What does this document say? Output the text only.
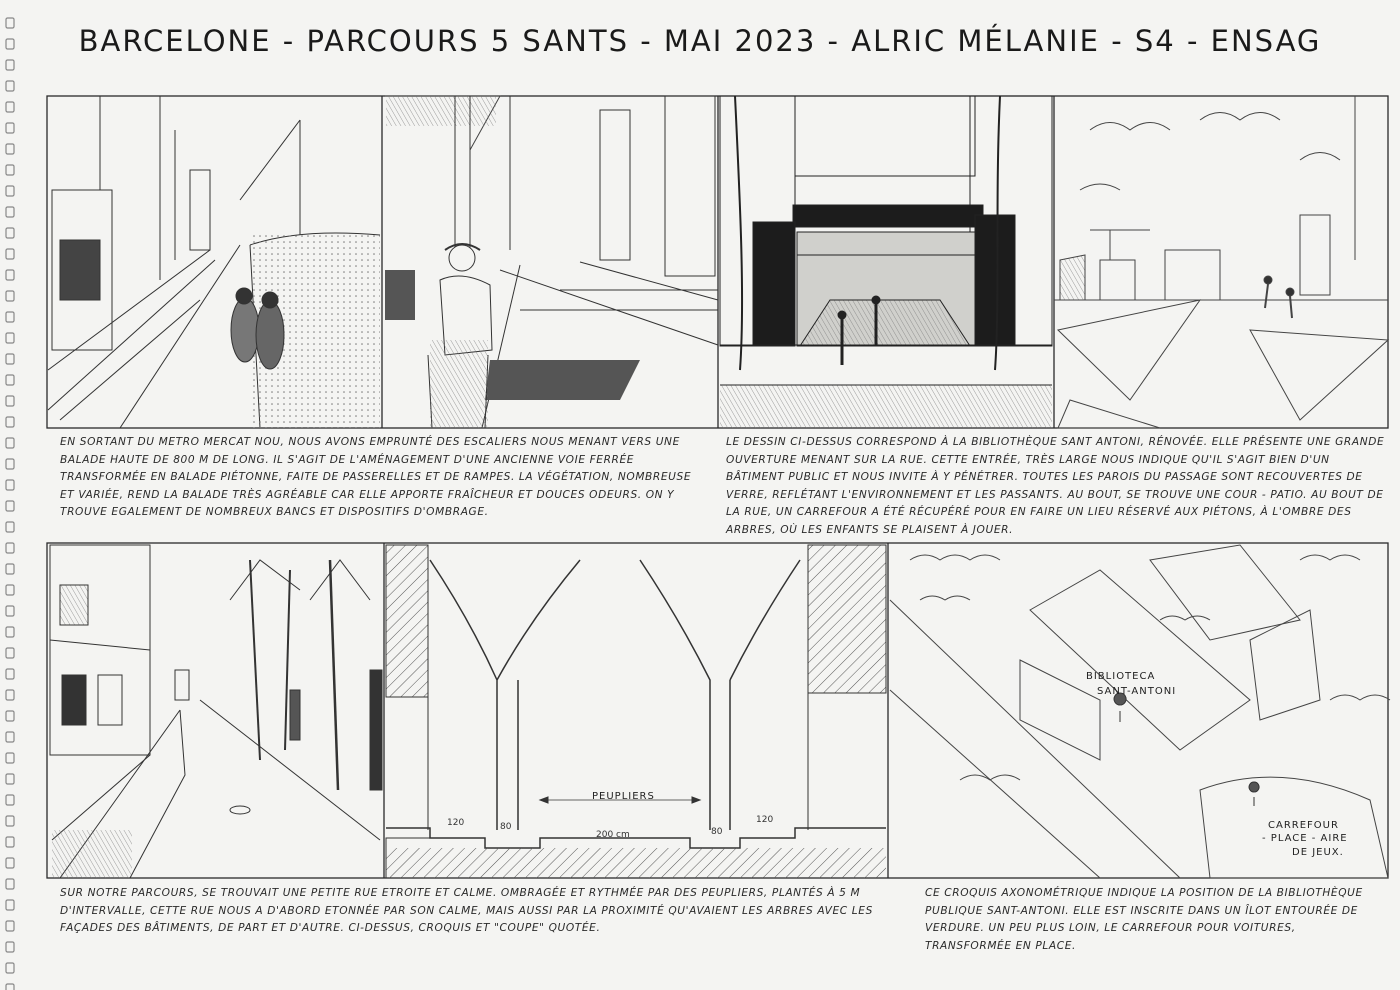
BARCELONE - PARCOURS 5 SANTS - MAI 2023 - ALRIC MÉLANIE - S4 - ENSAG
EN SORTANT DU METRO MERCAT NOU, NOUS AVONS EMPRUNTÉ DES ESCALIERS NOUS MENANT VERS UNE BALADE HAUTE DE 800 M DE LONG. IL S'AGIT DE L'AMÉNAGEMENT D'UNE ANCIENNE VOIE FERRÉE TRANSFORMÉE EN BALADE PIÉTONNE, FAITE DE PASSERELLES ET DE RAMPES. LA VÉGÉTATION, NOMBREUSE ET VARIÉE, REND LA BALADE TRÈS AGRÉABLE CAR ELLE APPORTE FRAÎCHEUR ET DOUCES ODEURS. ON Y TROUVE EGALEMENT DE NOMBREUX BANCS ET DISPOSITIFS D'OMBRAGE.
LE DESSIN CI-DESSUS CORRESPOND À LA BIBLIOTHÈQUE SANT ANTONI, RÉNOVÉE. ELLE PRÉSENTE UNE GRANDE OUVERTURE MENANT SUR LA RUE. CETTE ENTRÉE, TRÈS LARGE NOUS INDIQUE QU'IL S'AGIT BIEN D'UN BÂTIMENT PUBLIC ET NOUS INVITE À Y PÉNÉTRER. TOUTES LES PAROIS DU PASSAGE SONT RECOUVERTES DE VERRE, REFLÉTANT L'ENVIRONNEMENT ET LES PASSANTS. AU BOUT, SE TROUVE UNE COUR - PATIO. AU BOUT DE LA RUE, UN CARREFOUR A ÉTÉ RÉCUPÉRÉ POUR EN FAIRE UN LIEU RÉSERVÉ AUX PIÉTONS, À L'OMBRE DES ARBRES, OÙ LES ENFANTS SE PLAISENT À JOUER.
SUR NOTRE PARCOURS, SE TROUVAIT UNE PETITE RUE ETROITE ET CALME. OMBRAGÉE ET RYTHMÉE PAR DES PEUPLIERS, PLANTÉS À 5 M D'INTERVALLE, CETTE RUE NOUS A D'ABORD ETONNÉE PAR SON CALME, MAIS AUSSI PAR LA PROXIMITÉ QU'AVAIENT LES ARBRES AVEC LES FAÇADES DES BÂTIMENTS, DE PART ET D'AUTRE. CI-DESSUS, CROQUIS ET "COUPE" QUOTÉE.
CE CROQUIS AXONOMÉTRIQUE INDIQUE LA POSITION DE LA BIBLIOTHÈQUE PUBLIQUE SANT-ANTONI. ELLE EST INSCRITE DANS UN ÎLOT ENTOURÉE DE VERDURE. UN PEU PLUS LOIN, LE CARREFOUR POUR VOITURES, TRANSFORMÉE EN PLACE.
PEUPLIERS
120	80
200 cm	80
120
BIBLIOTECA
SANT-ANTONI
CARREFOUR
- PLACE - AIRE
DE JEUX.
